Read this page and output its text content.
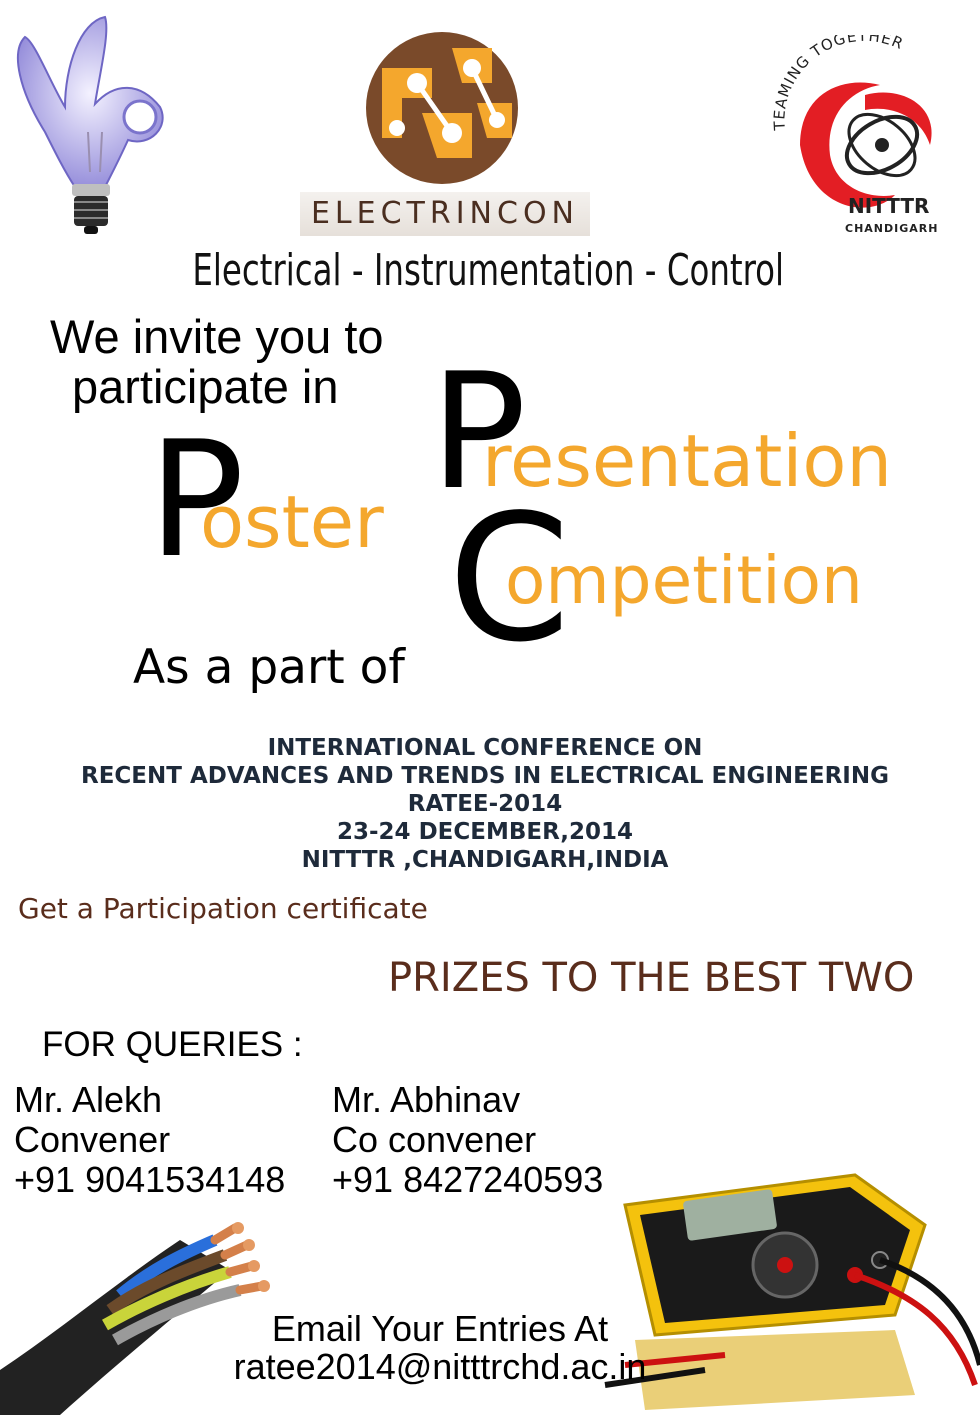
ELECTRINCON
TEAMING TOGETHER
NITTTR
CHANDIGARH
Electrical - Instrumentation - Control
We invite you to
participate in
P
oster P
resentation
C
ompetition
As a part of
INTERNATIONAL CONFERENCE ON
RECENT ADVANCES AND TRENDS IN ELECTRICAL ENGINEERING
RATEE-2014
23-24 DECEMBER,2014
NITTTR ,CHANDIGARH,INDIA
Get a Participation certificate
PRIZES TO THE BEST TWO
FOR QUERIES :
Mr. Alekh
Convener
+91 9041534148
Mr. Abhinav
Co convener
+91 8427240593
Email Your Entries At
ratee2014@nitttrchd.ac.in
